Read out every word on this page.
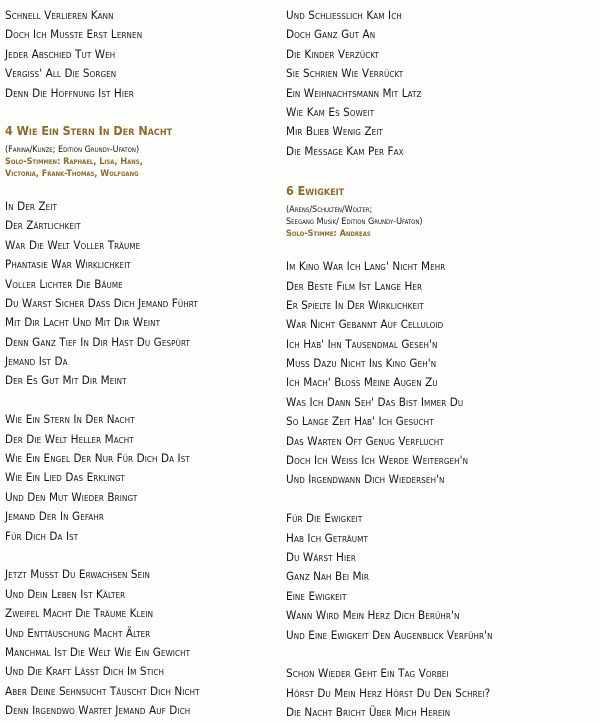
Schnell Verlieren Kann
Doch Ich Musste Erst Lernen
Jeder Abschied Tut Weh
Vergiss' All Die Sorgen
Denn Die Hoffnung Ist Hier
4 Wie Ein Stern In Der Nacht
(Farina/Kunze; Edition Grundy-Ufaton)
Solo-Stimmen: Raphael, Lisa, Hans,
Victoria, Frank-Thomas, Wolfgang
In Der Zeit
Der Zärtlichkeit
War Die Welt Voller Träume
Phantasie War Wirklichkeit
Voller Lichter Die Bäume
Du Warst Sicher Dass Dich Jemand Führt
Mit Dir Lacht Und Mit Dir Weint
Denn Ganz Tief In Dir Hast Du Gespürt
Jemand Ist Da
Der Es Gut Mit Dir Meint
Wie Ein Stern In Der Nacht
Der Die Welt Heller Macht
Wie Ein Engel Der Nur Für Dich Da Ist
Wie Ein Lied Das Erklingt
Und Den Mut Wieder Bringt
Jemand Der In Gefahr
Für Dich Da Ist
Jetzt Musst Du Erwachsen Sein
Und Dein Leben Ist Kälter
Zweifel Macht Die Träume Klein
Und Enttäuschung Macht Älter
Manchmal Ist Die Welt Wie Ein Gewicht
Und Die Kraft Lässt Dich Im Stich
Aber Deine Sehnsucht Täuscht Dich Nicht
Denn Irgendwo Wartet Jemand Auf Dich
Und Schliesslich Kam Ich
Doch Ganz Gut An
Die Kinder Verzückt
Sie Schrien Wie Verrückt
Ein Weihnachtsmann Mit Latz
Wie Kam Es Soweit
Mir Blieb Wenig Zeit
Die Message Kam Per Fax
6 Ewigkeit
(Arens/Schulten/Wolter;
Seegang Musik/ Edition Grundy-Ufaton)
Solo-Stimme: Andreas
Im Kino War Ich Lang' Nicht Mehr
Der Beste Film Ist Lange Her
Er Spielte In Der Wirklichkeit
War Nicht Gebannt Auf Celluloid
Ich Hab' Ihn Tausendmal Geseh'n
Muss Dazu Nicht Ins Kino Geh'n
Ich Mach' Bloss Meine Augen Zu
Was Ich Dann Seh' Das Bist Immer Du
So Lange Zeit Hab' Ich Gesucht
Das Warten Oft Genug Verflucht
Doch Ich Weiss Ich Werde Weitergeh'n
Und Irgendwann Dich Wiederseh'n
Für Die Ewigkeit
Hab Ich Geträumt
Du Wärst Hier
Ganz Nah Bei Mir
Eine Ewigkeit
Wann Wird Mein Herz Dich Berühr'n
Und Eine Ewigkeit Den Augenblick Verführ'n
Schon Wieder Geht Ein Tag Vorbei
Hörst Du Mein Herz Hörst Du Den Schrei?
Die Nacht Bricht Über Mich Herein
